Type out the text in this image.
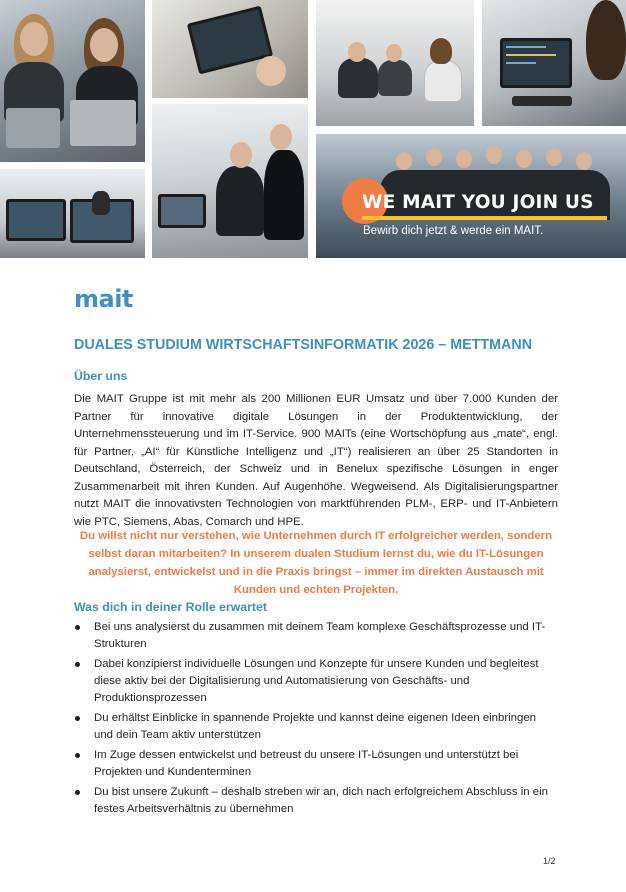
WE MAIT YOU JOIN US
Bewirb dich jetzt & werde ein MAIT.
mait
DUALES STUDIUM WIRTSCHAFTSINFORMATIK 2026 – METTMANN
Über uns

Die MAIT Gruppe ist mit mehr als 200 Millionen EUR Umsatz und über 7.000 Kunden der Partner für innovative digitale Lösungen in der Produktentwicklung, der Unternehmenssteuerung und im IT-Service. 900 MAITs (eine Wortschöpfung aus „mate“, engl. für Partner, „AI“ für Künstliche Intelligenz und „IT“) realisieren an über 25 Standorten in Deutschland, Österreich, der Schweiz und in Benelux spezifische Lösungen in enger Zusammenarbeit mit ihren Kunden. Auf Augenhöhe. Wegweisend. Als Digitalisierungspartner nutzt MAIT die innovativsten Technologien von marktführenden PLM-, ERP- und IT-Anbietern wie PTC, Siemens, Abas, Comarch und HPE.

Du willst nicht nur verstehen, wie Unternehmen durch IT erfolgreicher werden, sondern selbst daran mitarbeiten? In unserem dualen Studium lernst du, wie du IT-Lösungen analysierst, entwickelst und in die Praxis bringst – immer im direkten Austausch mit Kunden und echten Projekten.

Was dich in deiner Rolle erwartet
Bei uns analysierst du zusammen mit deinem Team komplexe Geschäftsprozesse und IT-Strukturen
Dabei konzipierst individuelle Lösungen und Konzepte für unsere Kunden und begleitest diese aktiv bei der Digitalisierung und Automatisierung von Geschäfts- und Produktionsprozessen
Du erhältst Einblicke in spannende Projekte und kannst deine eigenen Ideen einbringen und dein Team aktiv unterstützen
Im Zuge dessen entwickelst und betreust du unsere IT-Lösungen und unterstützt bei Projekten und Kundenterminen
Du bist unsere Zukunft – deshalb streben wir an, dich nach erfolgreichem Abschluss in ein festes Arbeitsverhältnis zu übernehmen
1/2
